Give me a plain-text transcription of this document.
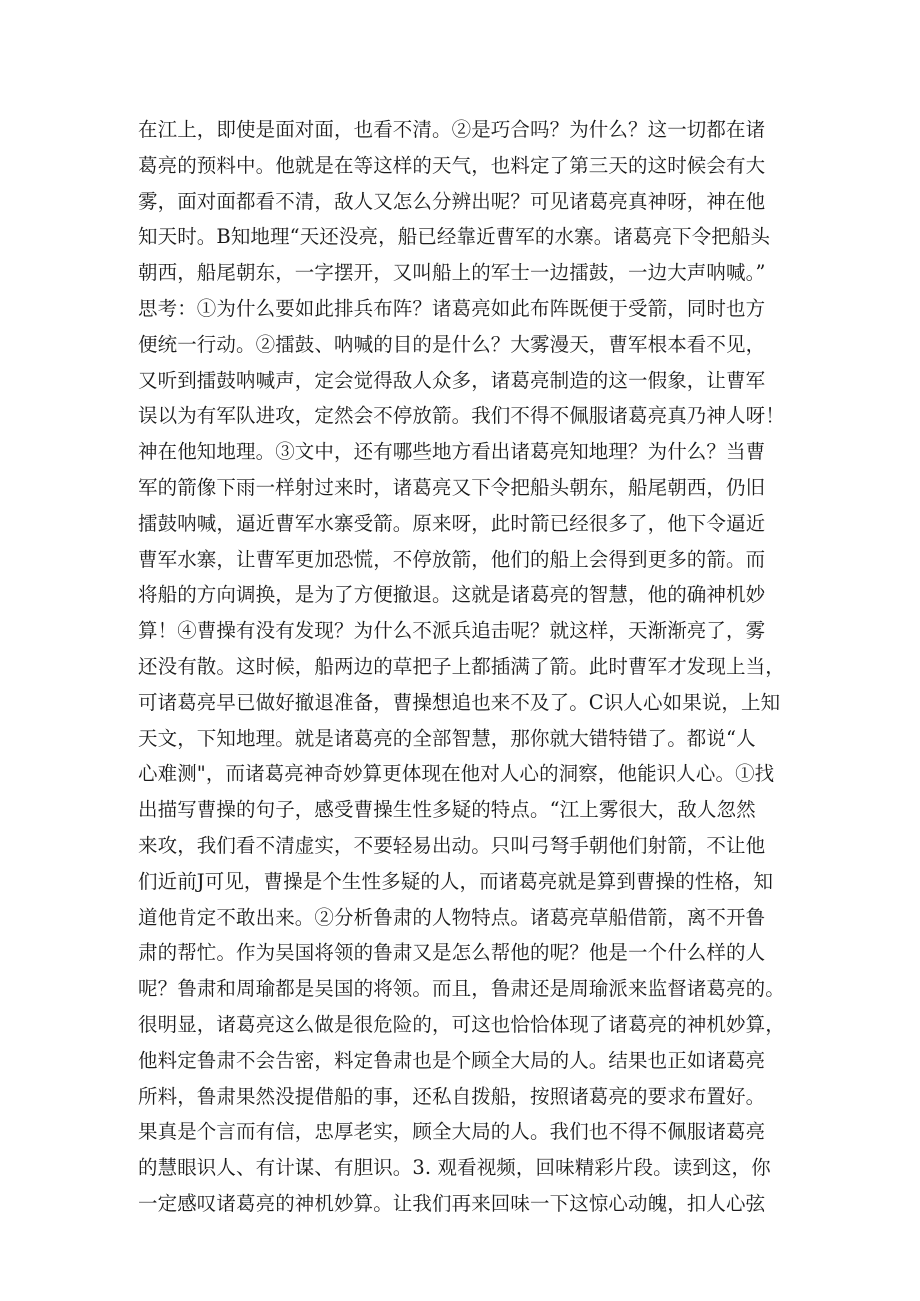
在江上，即使是面对面，也看不清。②是巧合吗？为什么？这一切都在诸
葛亮的预料中。他就是在等这样的天气，也料定了第三天的这时候会有大
雾，面对面都看不清，敌人又怎么分辨出呢？可见诸葛亮真神呀，神在他
知天时。B知地理“天还没亮，船已经靠近曹军的水寨。诸葛亮下令把船头
朝西，船尾朝东，一字摆开，又叫船上的军士一边擂鼓，一边大声呐喊。”
思考：①为什么要如此排兵布阵？诸葛亮如此布阵既便于受箭，同时也方
便统一行动。②擂鼓、呐喊的目的是什么？大雾漫天，曹军根本看不见，
又听到擂鼓呐喊声，定会觉得敌人众多，诸葛亮制造的这一假象，让曹军
误以为有军队进攻，定然会不停放箭。我们不得不佩服诸葛亮真乃神人呀！
神在他知地理。③文中，还有哪些地方看出诸葛亮知地理？为什么？当曹
军的箭像下雨一样射过来时，诸葛亮又下令把船头朝东，船尾朝西，仍旧
擂鼓呐喊，逼近曹军水寨受箭。原来呀，此时箭已经很多了，他下令逼近
曹军水寨，让曹军更加恐慌，不停放箭，他们的船上会得到更多的箭。而
将船的方向调换，是为了方便撤退。这就是诸葛亮的智慧，他的确神机妙
算！④曹操有没有发现？为什么不派兵追击呢？就这样，天渐渐亮了，雾
还没有散。这时候，船两边的草把子上都插满了箭。此时曹军才发现上当，
可诸葛亮早已做好撤退准备，曹操想追也来不及了。C识人心如果说，上知
天文，下知地理。就是诸葛亮的全部智慧，那你就大错特错了。都说“人
心难测"，而诸葛亮神奇妙算更体现在他对人心的洞察，他能识人心。①找
出描写曹操的句子，感受曹操生性多疑的特点。“江上雾很大，敌人忽然
来攻，我们看不清虚实，不要轻易出动。只叫弓弩手朝他们射箭，不让他
们近前J可见，曹操是个生性多疑的人，而诸葛亮就是算到曹操的性格，知
道他肯定不敢出来。②分析鲁肃的人物特点。诸葛亮草船借箭，离不开鲁
肃的帮忙。作为吴国将领的鲁肃又是怎么帮他的呢？他是一个什么样的人
呢？鲁肃和周瑜都是吴国的将领。而且，鲁肃还是周瑜派来监督诸葛亮的。
很明显，诸葛亮这么做是很危险的，可这也恰恰体现了诸葛亮的神机妙算，
他料定鲁肃不会告密，料定鲁肃也是个顾全大局的人。结果也正如诸葛亮
所料，鲁肃果然没提借船的事，还私自拨船，按照诸葛亮的要求布置好。
果真是个言而有信，忠厚老实，顾全大局的人。我们也不得不佩服诸葛亮
的慧眼识人、有计谋、有胆识。3. 观看视频，回味精彩片段。读到这，你
一定感叹诸葛亮的神机妙算。让我们再来回味一下这惊心动魄，扣人心弦
